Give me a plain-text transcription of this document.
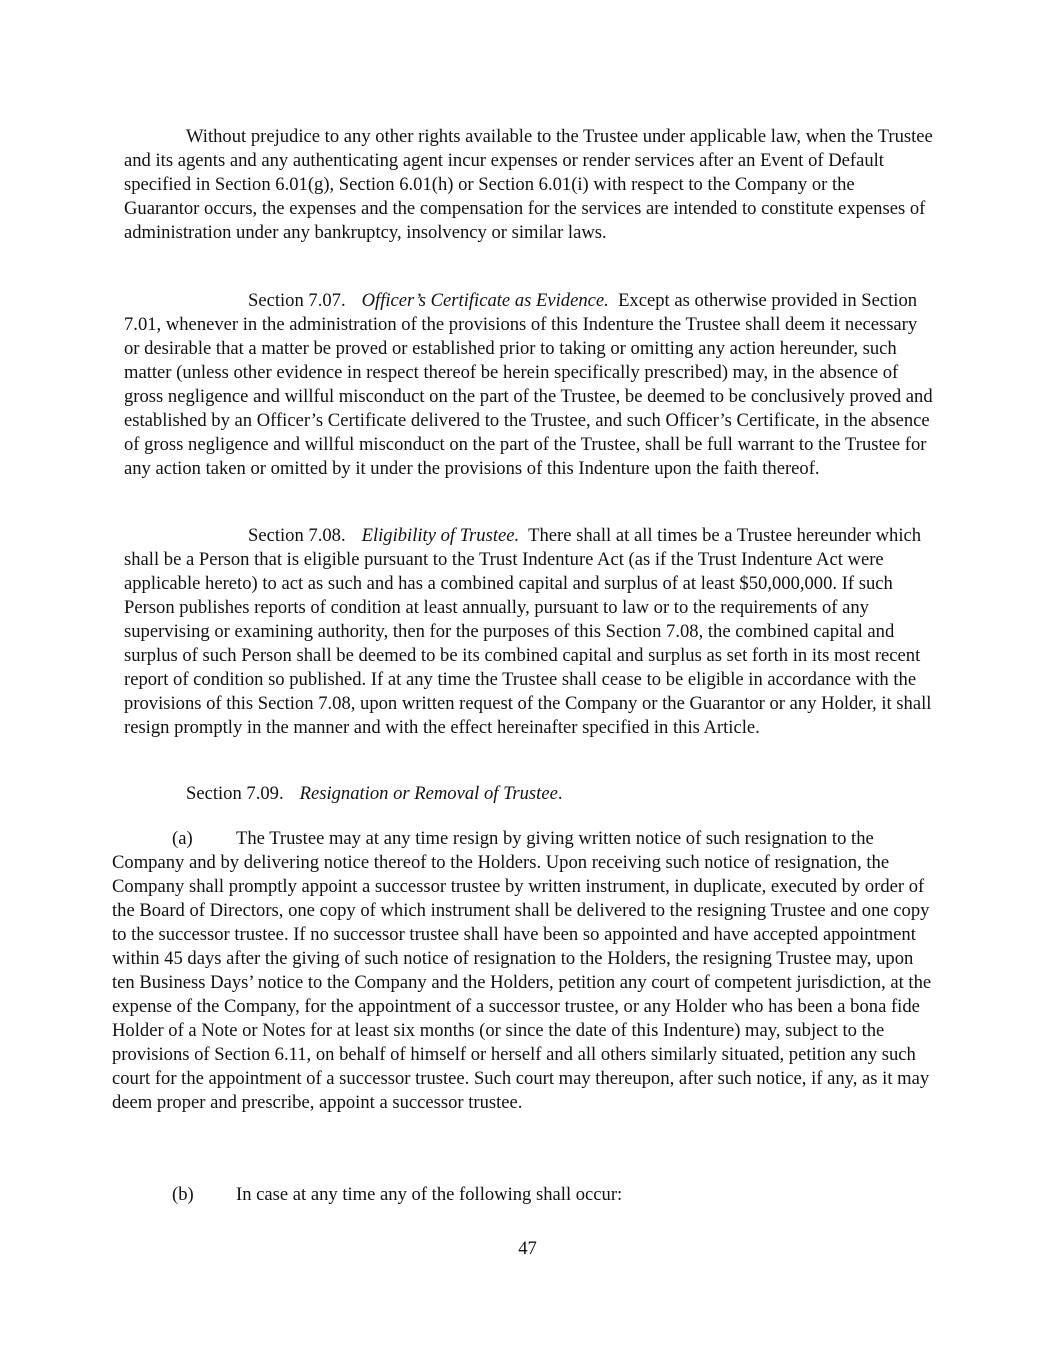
Without prejudice to any other rights available to the Trustee under applicable law, when the Trustee and its agents and any authenticating agent incur expenses or render services after an Event of Default specified in Section 6.01(g), Section 6.01(h) or Section 6.01(i) with respect to the Company or the Guarantor occurs, the expenses and the compensation for the services are intended to constitute expenses of administration under any bankruptcy, insolvency or similar laws.

Section 7.07. Officer’s Certificate as Evidence. Except as otherwise provided in Section 7.01, whenever in the administration of the provisions of this Indenture the Trustee shall deem it necessary or desirable that a matter be proved or established prior to taking or omitting any action hereunder, such matter (unless other evidence in respect thereof be herein specifically prescribed) may, in the absence of gross negligence and willful misconduct on the part of the Trustee, be deemed to be conclusively proved and established by an Officer’s Certificate delivered to the Trustee, and such Officer’s Certificate, in the absence of gross negligence and willful misconduct on the part of the Trustee, shall be full warrant to the Trustee for any action taken or omitted by it under the provisions of this Indenture upon the faith thereof.

Section 7.08. Eligibility of Trustee. There shall at all times be a Trustee hereunder which shall be a Person that is eligible pursuant to the Trust Indenture Act (as if the Trust Indenture Act were applicable hereto) to act as such and has a combined capital and surplus of at least $50,000,000. If such Person publishes reports of condition at least annually, pursuant to law or to the requirements of any supervising or examining authority, then for the purposes of this Section 7.08, the combined capital and surplus of such Person shall be deemed to be its combined capital and surplus as set forth in its most recent report of condition so published. If at any time the Trustee shall cease to be eligible in accordance with the provisions of this Section 7.08, upon written request of the Company or the Guarantor or any Holder, it shall resign promptly in the manner and with the effect hereinafter specified in this Article.

Section 7.09. Resignation or Removal of Trustee.

(a) The Trustee may at any time resign by giving written notice of such resignation to the Company and by delivering notice thereof to the Holders. Upon receiving such notice of resignation, the Company shall promptly appoint a successor trustee by written instrument, in duplicate, executed by order of the Board of Directors, one copy of which instrument shall be delivered to the resigning Trustee and one copy to the successor trustee. If no successor trustee shall have been so appointed and have accepted appointment within 45 days after the giving of such notice of resignation to the Holders, the resigning Trustee may, upon ten Business Days’ notice to the Company and the Holders, petition any court of competent jurisdiction, at the expense of the Company, for the appointment of a successor trustee, or any Holder who has been a bona fide Holder of a Note or Notes for at least six months (or since the date of this Indenture) may, subject to the provisions of Section 6.11, on behalf of himself or herself and all others similarly situated, petition any such court for the appointment of a successor trustee. Such court may thereupon, after such notice, if any, as it may deem proper and prescribe, appoint a successor trustee.

(b) In case at any time any of the following shall occur:

47
